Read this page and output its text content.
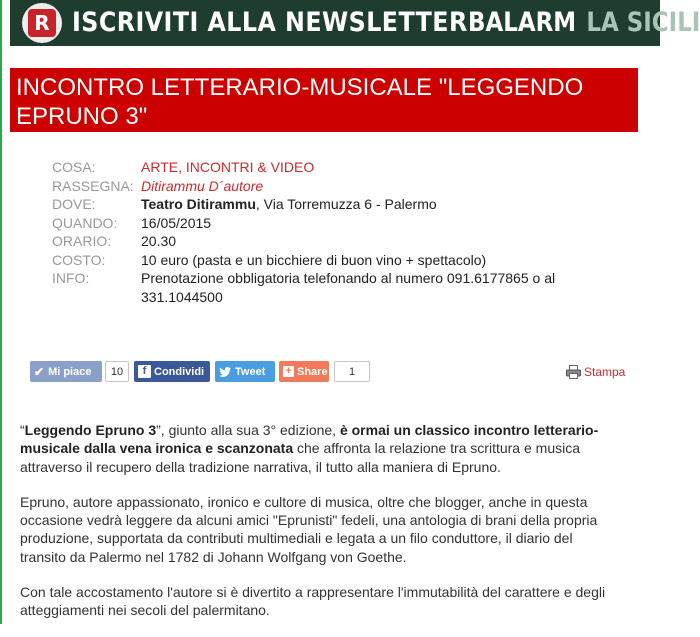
R ISCRIVITI ALLA NEWSLETTER BALARM LA SICILI
INCONTRO LETTERARIO-MUSICALE "LEGGENDO EPRUNO 3"
COSA:	ARTE, INCONTRI & VIDEO
RASSEGNA:	Ditirammu D´autore
DOVE:	Teatro Ditirammu, Via Torremuzza 6 - Palermo
QUANDO:	16/05/2015
ORARIO:	20.30
COSTO:	10 euro (pasta e un bicchiere di buon vino + spettacolo)
INFO:	Prenotazione obbligatoria telefonando al numero 091.6177865 o al 331.1044500
✔ Mi piace	10	f Condividi	Tweet + Share	1	Stampa

“Leggendo Epruno 3”, giunto alla sua 3° edizione, è ormai un classico incontro letterario-musicale dalla vena ironica e scanzonata che affronta la relazione tra scrittura e musica attraverso il recupero della tradizione narrativa, il tutto alla maniera di Epruno.

Epruno, autore appassionato, ironico e cultore di musica, oltre che blogger, anche in questa occasione vedrà leggere da alcuni amici "Eprunisti" fedeli, una antologia di brani della propria produzione, supportata da contributi multimediali e legata a un filo conduttore, il diario del transito da Palermo nel 1782 di Johann Wolfgang von Goethe.

Con tale accostamento l'autore si è divertito a rappresentare l'immutabilità del carattere e degli atteggiamenti nei secoli del palermitano.
